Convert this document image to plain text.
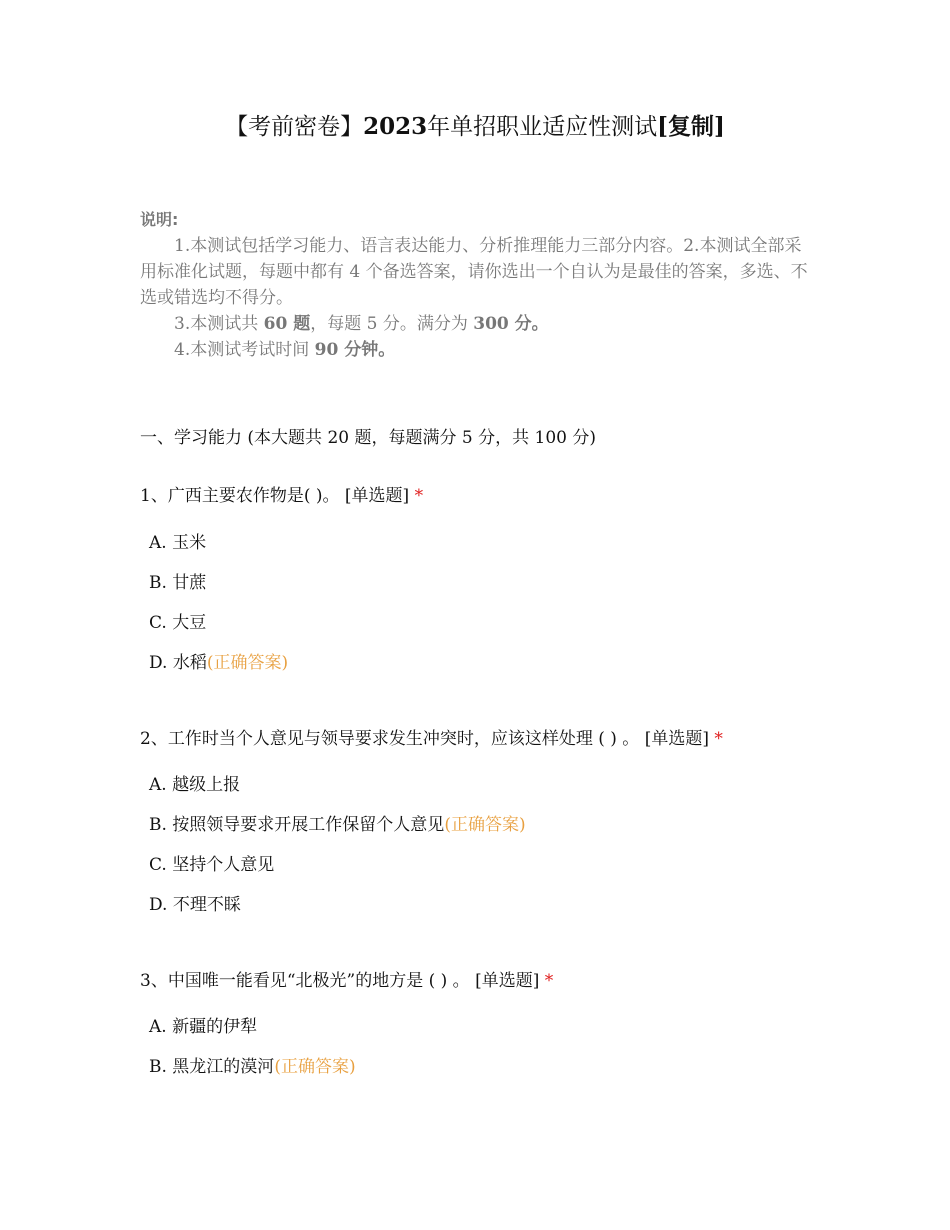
【考前密卷】2023年单招职业适应性测试[复制]
说明:

1.本测试包括学习能力、语言表达能力、分析推理能力三部分内容。2.本测试全部采用标准化试题，每题中都有 4 个备选答案，请你选出一个自认为是最佳的答案，多选、不选或错选均不得分。

3.本测试共 60 题，每题 5 分。满分为 300 分。

4.本测试考试时间 90 分钟。

一、学习能力 (本大题共 20 题，每题满分 5 分，共 100 分)
1、广西主要农作物是( )。 [单选题] *
A. 玉米
B. 甘蔗
C. 大豆
D. 水稻(正确答案)
2、工作时当个人意见与领导要求发生冲突时，应该这样处理 ( ) 。 [单选题] *
A. 越级上报
B. 按照领导要求开展工作保留个人意见(正确答案)
C. 坚持个人意见
D. 不理不睬
3、中国唯一能看见“北极光”的地方是 ( ) 。 [单选题] *
A. 新疆的伊犁
B. 黑龙江的漠河(正确答案)
